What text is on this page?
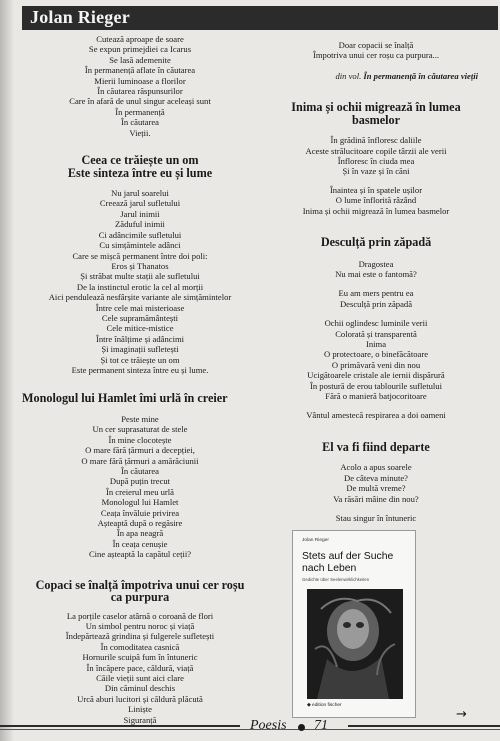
Jolan Rieger
Cutează aproape de soare
Se expun primejdiei ca Icarus
Se lasă ademenite
În permanență aflate în căutarea
Mierii luminoase a florilor
În căutarea răspunsurilor
Care în afară de unul singur aceleași sunt
În permanență
În căutarea
Vieții.
Ceea ce trăiește un om
Este sinteza între eu și lume
Nu jarul soarelui
Creează jarul sufletului
Jarul inimii
Zăduful inimii
Ci adâncimile sufletului
Cu simțămintele adânci
Care se mișcă permanent între doi poli:
Eros și Thanatos
Și străbat multe stații ale sufletului
De la instinctul erotic la cel al morții
Aici pendulează nesfârșite variante ale simțămintelor
Între cele mai misterioase
Cele supramământești
Cele mitice-mistice
Între înălțime și adâncimi
Și imaginații sufletești
Și tot ce trăiește un om
Este permanent sinteza între eu și lume.
Monologul lui Hamlet îmi urlă în creier
Peste mine
Un cer suprasaturat de stele
În mine clocotește
O mare fără țărmuri a decepției,
O mare fără țărmuri a amărăciunii
În căutarea
După puțin trecut
În creierul meu urlă
Monologul lui Hamlet
Ceața învăluie privirea
Așteaptă după o regăsire
În apa neagră
În ceața cenușie
Cine așteaptă la capătul ceții?
Copaci se înalță împotriva unui cer roșu
ca purpura
La porțile caselor atârnă o coroană de flori
Un simbol pentru noroc și viață
Îndepărtează grindina și fulgerele sufletești
În comoditatea casnică
Hornurile scuipă fum în întuneric
În încăpere pace, căldură, viață
Căile vieții sunt aici clare
Din căminul deschis
Urcă aburi lucitori și căldură plăcută
Liniște
Siguranță
Doar copacii se înalță
Împotriva unui cer roșu ca purpura...
din vol. În permanență în căutarea vieții
Inima și ochii migrează în lumea
basmelor
În grădină înfloresc daliile
Aceste strălucitoare copile târzii ale verii
Înfloresc în ciuda mea
Și în vaze și în căni
Înaintea și în spatele ușilor
O lume înflorită râzând
Inima și ochii migrează în lumea basmelor
Desculță prin zăpadă
Dragostea
Nu mai este o fantomă?
Eu am mers pentru ea
Desculță prin zăpadă
Ochii oglindesc luminile verii
Colorată și transparentă
Inima
O protectoare, o binefăcătoare
O primăvară veni din nou
Ucigătoarele cristale ale iernii dispărură
În postură de erou tablourile sufletului
Fără o manieră batjocoritoare
Vântul amestecă respirarea a doi oameni
El va fi fiind departe
Acolo a apus soarele
De câteva minute?
De multă vreme?
Va răsări mâine din nou?
Stau singur în întuneric
Jolan Rieger
Stets auf der Suche
nach Leben
Gedichte über Seelenwirklichkeiten
◆ edition fischer
Poesis 71
→
